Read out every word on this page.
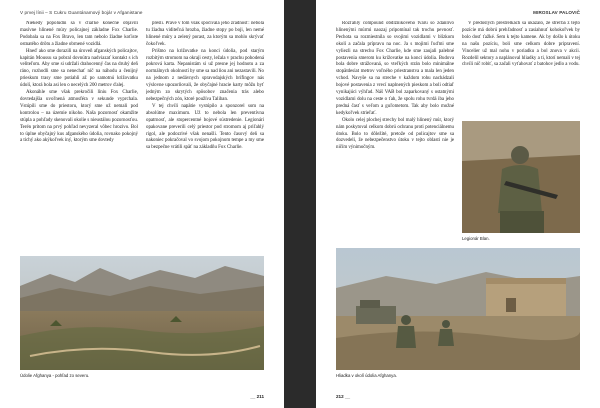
V prvej línii – S Cukru Guantánamový bojár v Afganistane

Niekedy popoludní sa v ďiaľke konečne objavili masívne hlinené múry policajnej základne Fox Charlie. Podobala sa na Fox Bravo, len tam nebolo žiadne koťiste ostnatého drôtu a žiadne obrnené vozidlá.

Hneď ako sme dorazili na úroveň afganských policajtov, kapitán Moussu sa pobral dovnútra nadviazať kontakt s ich veliteľom. Aby sme si udržali drahocenný čas na druhý deň ráno, rozhodli sme sa nenechať nič na náhodu a čenijný prieskum trasy sme potiahli až po samotnú križovatku údolí, ktorá bola asi len o necelých 200 metrov ďalej.

Akonáhle sme však prekročili líniu Fox Charlie, dovtedajšia uvoľnená atmosféra v sekunde vyprchala. Vstúpili sme do priestoru, ktorý sme už nemali pod kontrolou – na územie nikoho. Naša pozornosť okamžite stúpla a pohľady skenovali okolie s nieustálou pozornosťou. Terén pritom na prvý pohľad nevyzeral vôbec hrozivo. Bol to úplne obyčajný kus afganského údolia, rovnako pokojný a tichý ako akýkoľvek iný, ktorým sme dovtedy

prešli. Práve v tom však spočívala jeho zradnosť: nebola tu žiadna viditeľná hrozba, žiadne stopy po boji, len nemé hlinené múry a zelený porast, za ktorým sa mohlo skrývať čokoľvek.

Prišmo na križovatke na konci údolia, pod starým rozbitým stromom na okraji cesty, ležala v prachu pohodená pokrová karta. Nepanistám si už presne jej hodnotu a za normálnych okolností by sme sa nad ňou ani nezastavili. No na jednom z nedávnych spravodajských brífingov nás výslovne upozorňovali, že obyčajné hracie karty môžu byť jedným zo skrytých spôsobov značenia trás alebo nebezpečných zón, ktoré používa Taliban.

V tej chvíli napätie vystúpilo a sponzorel som na absolútne maximum. Už to nebola len preventívna opatrnosť, ale stopercentné bojové sústredenie. Legionári opakovane preverili celý priestor pod stromom aj priľahlý rigol, ale podozrivé však nenašli. Tento časový deň sa nakoniec pokračoval vo svojom pokojnom tempe a my sme sa bezpečne vrátili späť na základňu Fox Charlie.

Údolie Afghanya - pohľad zo severu.
__ 211
MIROSLAV PALOVIČ

Rozľahlý compound obdĺžnikového tvaru so zdanlivo hlinenými múrmi naozaj pripomínal tak trochu pevnosť. Pechota sa rozmiestnila so svojimi vozidlami v blízkom okolí a začala prípravu na noc. Ja s mojimi ľuďmi sme vyliezli na strechu Fox Charlie, kde sme zaujali palebné postavenia smerom ku križovatke na konci údolia. Budova bola dobre strážovaná, so vteľkých strán bolo minimálne stopätdesiat metrov voľného priestranstva a mala len jeden vchod. Navyše sa na streche v každom rohu nachádzali bojové postavenia z vrecí naplnených pieskom a boli odtiaľ vynikajúci výhľad. Náš VAB bol zaparkovaný s ostatnými vozidlami dolu na ceste o ťah, že spolu rohu tvrdá iba jeho predná časť s veľom a guľometom. Tak aby bolo možné kedykoľvek strieľať.

Okolo celej plochej strechy bol malý hlinený múr, ktorý nám poskytoval celkom dobrú ochranu proti potenciálnemu útoku. Bolo to dôležité, pretože od policajtov sme sa dozvedeli, že nebezpečenstvo útoku v tejto oblasti nie je ničím výnimočným.

V predošlých prestrelkách sa ukázalo, že streľba z tejto pozície má dobrú prehľadnosť a zasiahnuť kohokoľvek by bolo dosť ťažké. Sem k tejto kamene. Ak by došlo k útoku na našu pozíciu, boli sme celkom dobre pripravení. Vincelier už mal nohu v poriadku a bol znova v akcii. Rozdelil sektory a naplánoval hliadky a ti, ktorí nemali v tej chvíli nič robiť, sa začali vyťahovať z batohov jedlo a vodu.

Legionár Blan.
Hliadka v okolí údolia Afghanya.
212 __
